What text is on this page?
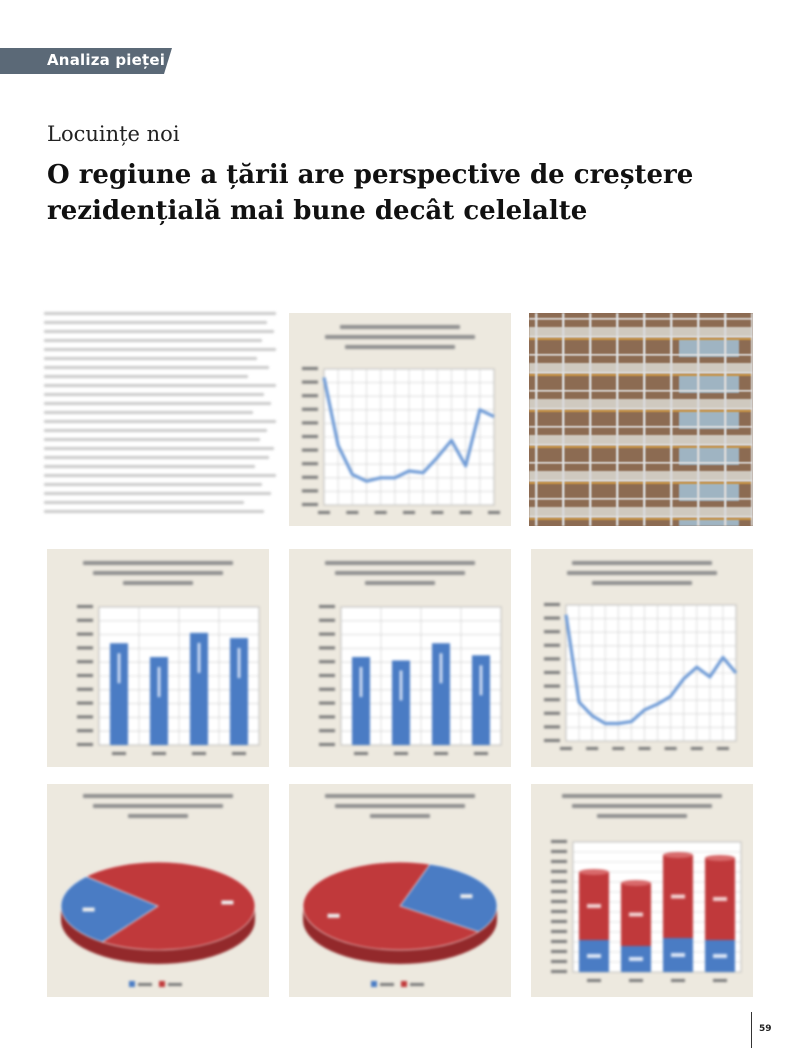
Analiza pieței
Locuințe noi
O regiune a țării are perspective de creștere rezidențială mai bune decât celelalte
59
